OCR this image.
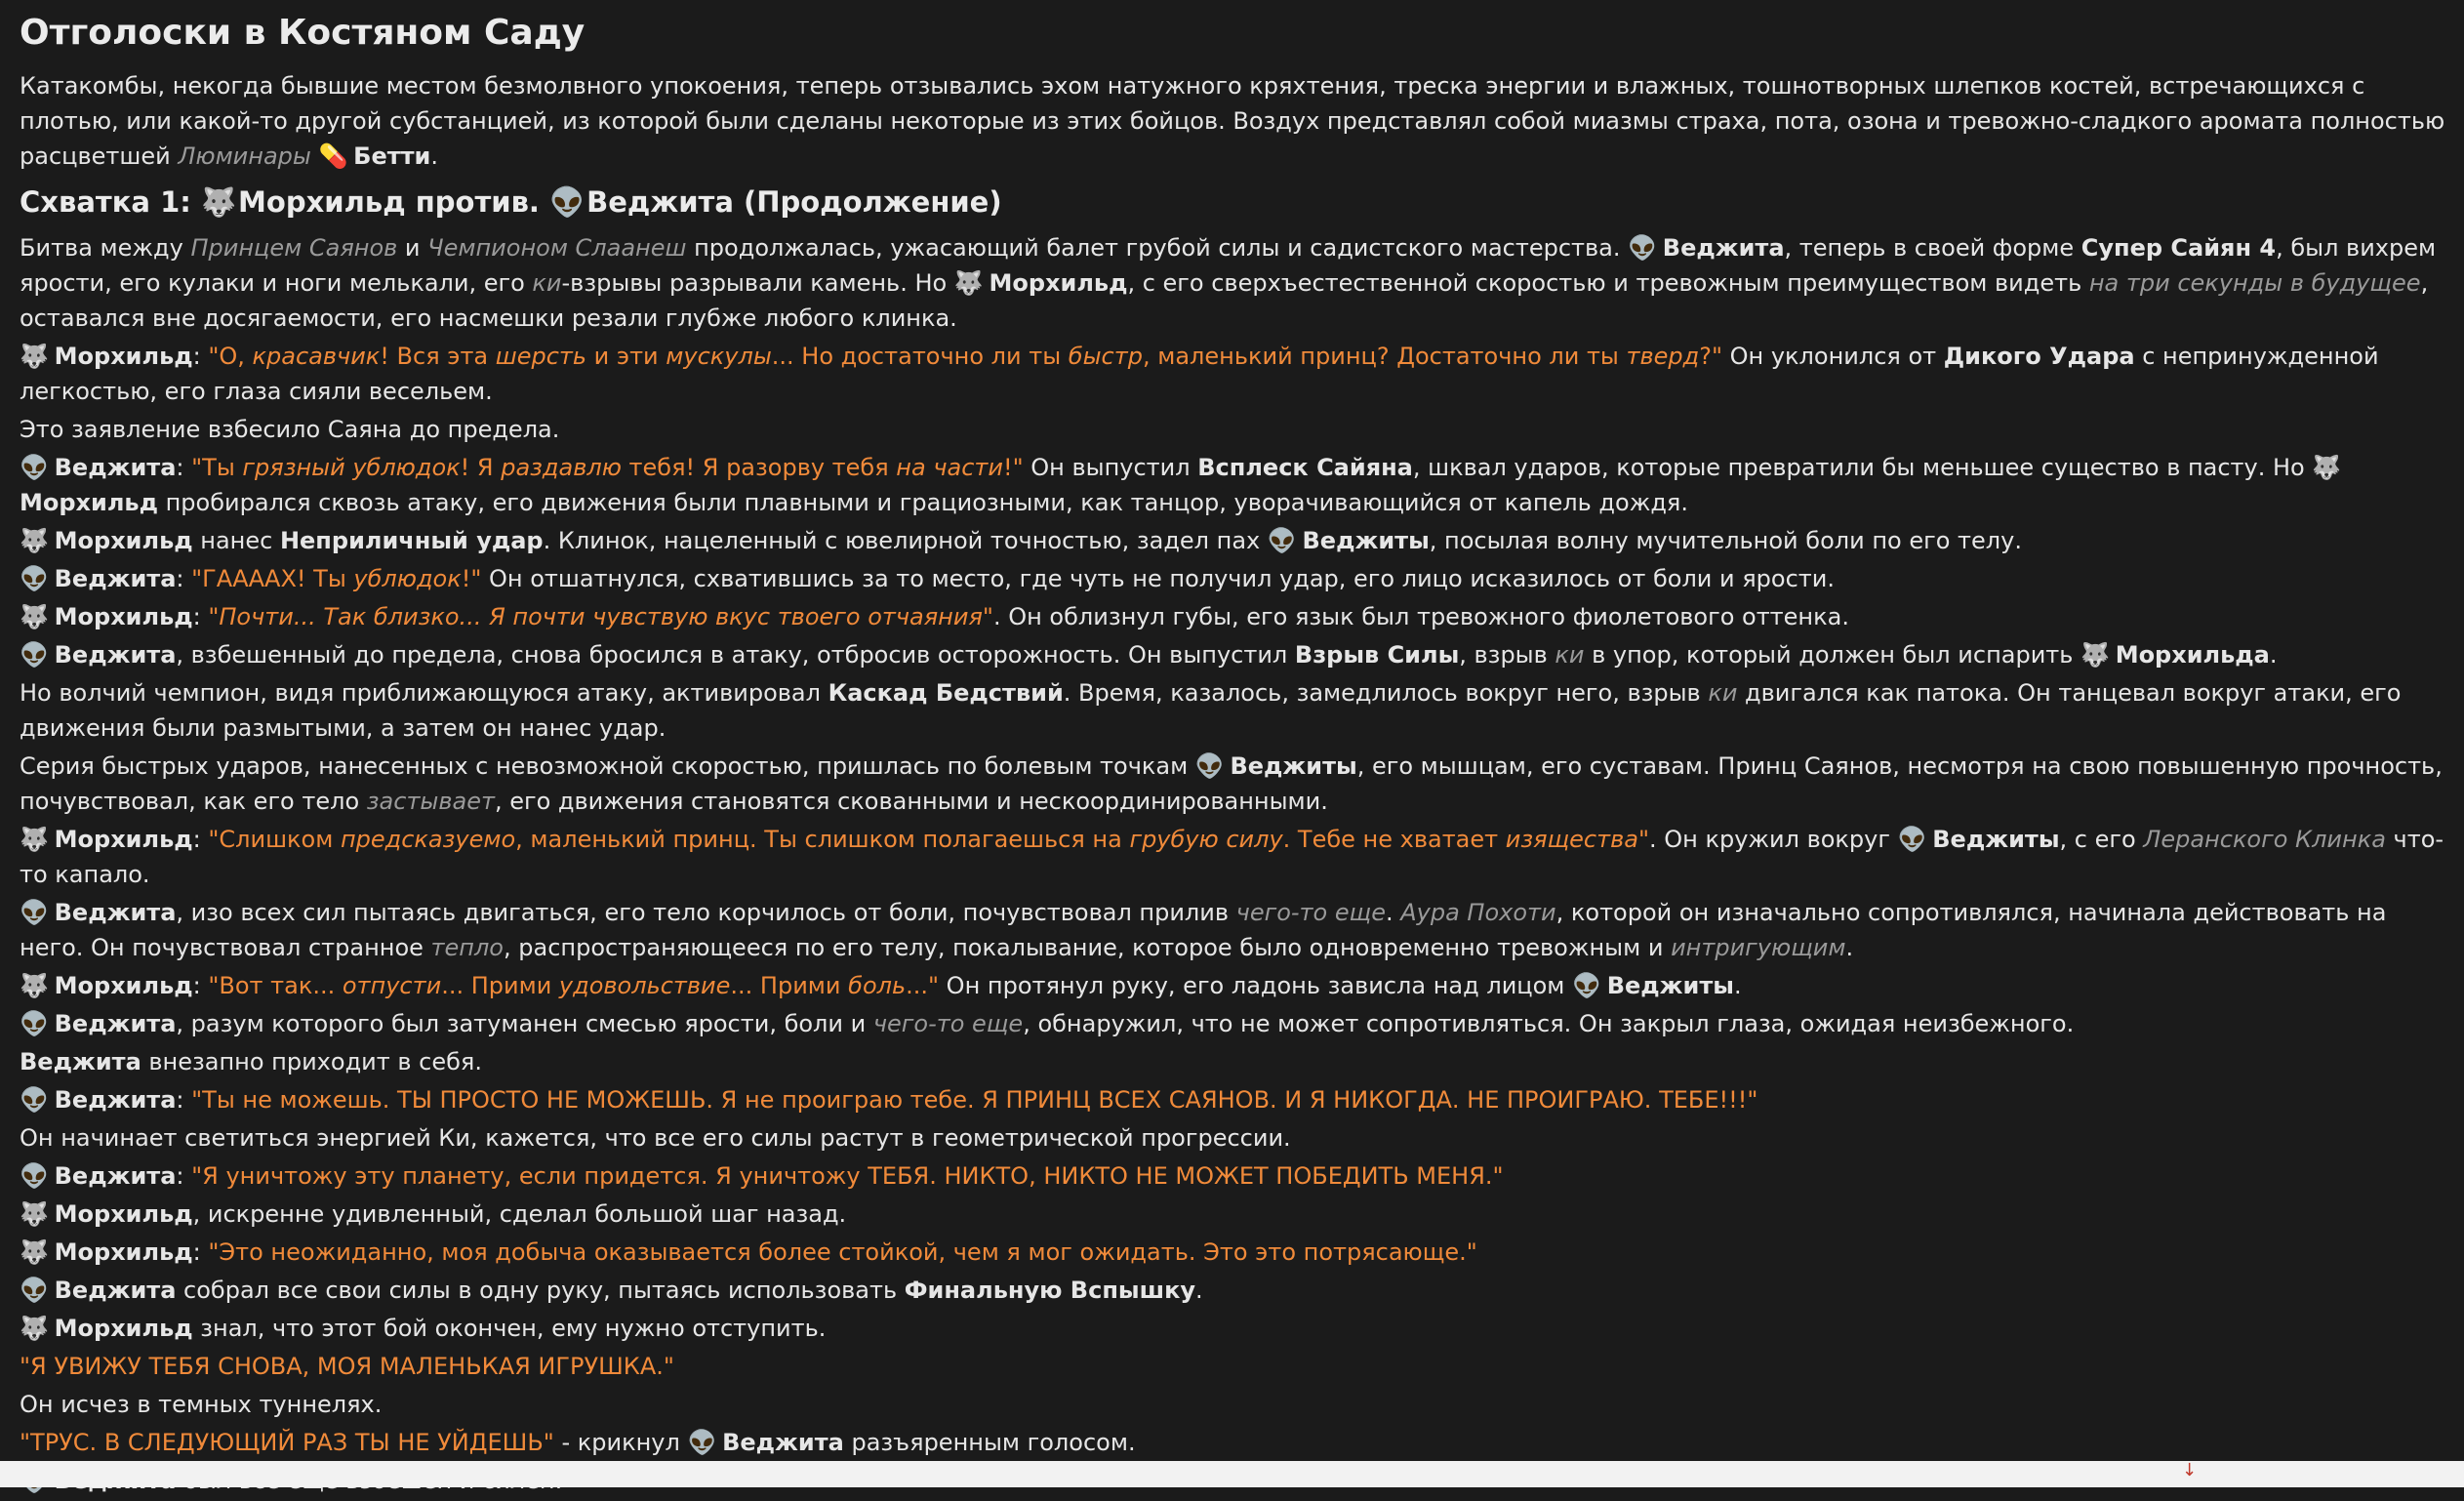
Отголоски в Костяном Саду

Катакомбы, некогда бывшие местом безмолвного упокоения, теперь отзывались эхом натужного кряхтения, треска энергии и влажных, тошнотворных шлепков костей, встречающихся с плотью, или какой-то другой субстанцией, из которой были сделаны некоторые из этих бойцов. Воздух представлял собой миазмы страха, пота, озона и тревожно-сладкого аромата полностью расцветшей Люминары 💊 Бетти.

Схватка 1: 🐺 Морхильд против. 👽 Веджита (Продолжение)

Битва между Принцем Саянов и Чемпионом Слаанеш продолжалась, ужасающий балет грубой силы и садистского мастерства. 👽 Веджита, теперь в своей форме Супер Сайян 4, был вихрем ярости, его кулаки и ноги мелькали, его ки-взрывы разрывали камень. Но 🐺 Морхильд, с его сверхъестественной скоростью и тревожным преимуществом видеть на три секунды в будущее, оставался вне досягаемости, его насмешки резали глубже любого клинка.

🐺 Морхильд: "О, красавчик! Вся эта шерсть и эти мускулы... Но достаточно ли ты быстр, маленький принц? Достаточно ли ты тверд?" Он уклонился от Дикого Удара с непринужденной легкостью, его глаза сияли весельем.

Это заявление взбесило Саяна до предела.

👽 Веджита: "Ты грязный ублюдок! Я раздавлю тебя! Я разорву тебя на части!" Он выпустил Всплеск Сайяна, шквал ударов, которые превратили бы меньшее существо в пасту. Но 🐺 Морхильд пробирался сквозь атаку, его движения были плавными и грациозными, как танцор, уворачивающийся от капель дождя.

🐺 Морхильд нанес Неприличный удар. Клинок, нацеленный с ювелирной точностью, задел пах 👽 Веджиты, посылая волну мучительной боли по его телу.

👽 Веджита: "ГААААХ! Ты ублюдок!" Он отшатнулся, схватившись за то место, где чуть не получил удар, его лицо исказилось от боли и ярости.

🐺 Морхильд: "Почти... Так близко... Я почти чувствую вкус твоего отчаяния". Он облизнул губы, его язык был тревожного фиолетового оттенка.

👽 Веджита, взбешенный до предела, снова бросился в атаку, отбросив осторожность. Он выпустил Взрыв Силы, взрыв ки в упор, который должен был испарить 🐺 Морхильда.

Но волчий чемпион, видя приближающуюся атаку, активировал Каскад Бедствий. Время, казалось, замедлилось вокруг него, взрыв ки двигался как патока. Он танцевал вокруг атаки, его движения были размытыми, а затем он нанес удар.

Серия быстрых ударов, нанесенных с невозможной скоростью, пришлась по болевым точкам 👽 Веджиты, его мышцам, его суставам. Принц Саянов, несмотря на свою повышенную прочность, почувствовал, как его тело застывает, его движения становятся скованными и нескоординированными.

🐺 Морхильд: "Слишком предсказуемо, маленький принц. Ты слишком полагаешься на грубую силу. Тебе не хватает изящества". Он кружил вокруг 👽 Веджиты, с его Леранского Клинка что-то капало.

👽 Веджита, изо всех сил пытаясь двигаться, его тело корчилось от боли, почувствовал прилив чего-то еще. Аура Похоти, которой он изначально сопротивлялся, начинала действовать на него. Он почувствовал странное тепло, распространяющееся по его телу, покалывание, которое было одновременно тревожным и интригующим.

🐺 Морхильд: "Вот так... отпусти... Прими удовольствие... Прими боль..." Он протянул руку, его ладонь зависла над лицом 👽 Веджиты.

👽 Веджита, разум которого был затуманен смесью ярости, боли и чего-то еще, обнаружил, что не может сопротивляться. Он закрыл глаза, ожидая неизбежного.

Веджита внезапно приходит в себя.

👽 Веджита: "Ты не можешь. ТЫ ПРОСТО НЕ МОЖЕШЬ. Я не проиграю тебе. Я ПРИНЦ ВСЕХ САЯНОВ. И Я НИКОГДА. НЕ ПРОИГРАЮ. ТЕБЕ!!!"

Он начинает светиться энергией Ки, кажется, что все его силы растут в геометрической прогрессии.

👽 Веджита: "Я уничтожу эту планету, если придется. Я уничтожу ТЕБЯ. НИКТО, НИКТО НЕ МОЖЕТ ПОБЕДИТЬ МЕНЯ."

🐺 Морхильд, искренне удивленный, сделал большой шаг назад.

🐺 Морхильд: "Это неожиданно, моя добыча оказывается более стойкой, чем я мог ожидать. Это это потрясающе."

👽 Веджита собрал все свои силы в одну руку, пытаясь использовать Финальную Вспышку.

🐺 Морхильд знал, что этот бой окончен, ему нужно отступить.

"Я УВИЖУ ТЕБЯ СНОВА, МОЯ МАЛЕНЬКАЯ ИГРУШКА."

Он исчез в темных туннелях.

"ТРУС. В СЛЕДУЮЩИЙ РАЗ ТЫ НЕ УЙДЕШЬ" - крикнул 👽 Веджита разъяренным голосом.

↓
